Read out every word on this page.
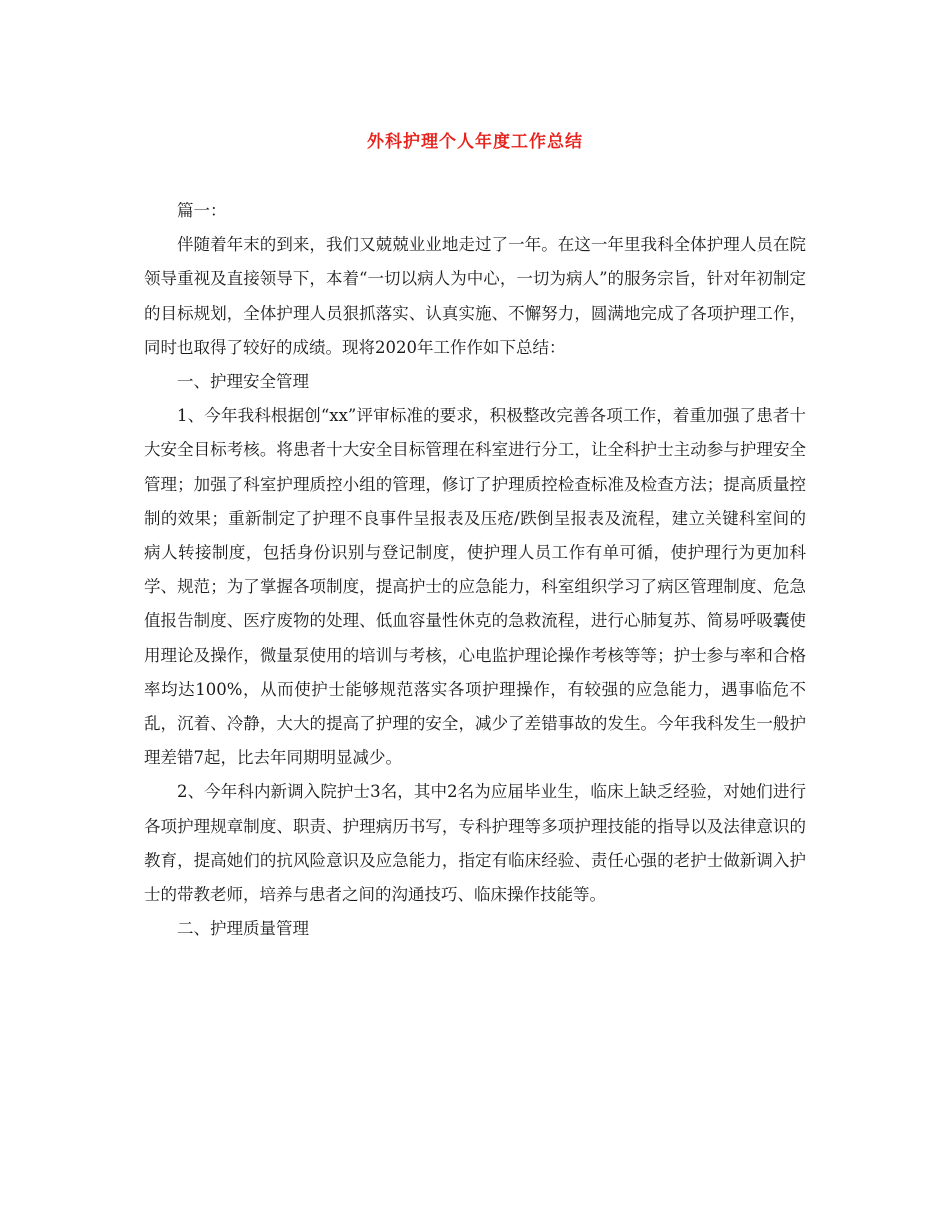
外科护理个人年度工作总结

篇一：

伴随着年末的到来，我们又兢兢业业地走过了一年。在这一年里我科全体护理人员在院领导重视及直接领导下，本着“一切以病人为中心，一切为病人”的服务宗旨，针对年初制定的目标规划，全体护理人员狠抓落实、认真实施、不懈努力，圆满地完成了各项护理工作，同时也取得了较好的成绩。现将2020年工作作如下总结：

一、护理安全管理

1、今年我科根据创“xx”评审标准的要求，积极整改完善各项工作，着重加强了患者十大安全目标考核。将患者十大安全目标管理在科室进行分工，让全科护士主动参与护理安全管理；加强了科室护理质控小组的管理，修订了护理质控检查标准及检查方法；提高质量控制的效果；重新制定了护理不良事件呈报表及压疮/跌倒呈报表及流程，建立关键科室间的病人转接制度，包括身份识别与登记制度，使护理人员工作有单可循，使护理行为更加科学、规范；为了掌握各项制度，提高护士的应急能力，科室组织学习了病区管理制度、危急值报告制度、医疗废物的处理、低血容量性休克的急救流程，进行心肺复苏、简易呼吸囊使用理论及操作，微量泵使用的培训与考核，心电监护理论操作考核等等；护士参与率和合格率均达100%，从而使护士能够规范落实各项护理操作，有较强的应急能力，遇事临危不乱，沉着、冷静，大大的提高了护理的安全，减少了差错事故的发生。今年我科发生一般护理差错7起，比去年同期明显减少。

2、今年科内新调入院护士3名，其中2名为应届毕业生，临床上缺乏经验，对她们进行各项护理规章制度、职责、护理病历书写，专科护理等多项护理技能的指导以及法律意识的教育，提高她们的抗风险意识及应急能力，指定有临床经验、责任心强的老护士做新调入护士的带教老师，培养与患者之间的沟通技巧、临床操作技能等。

二、护理质量管理
